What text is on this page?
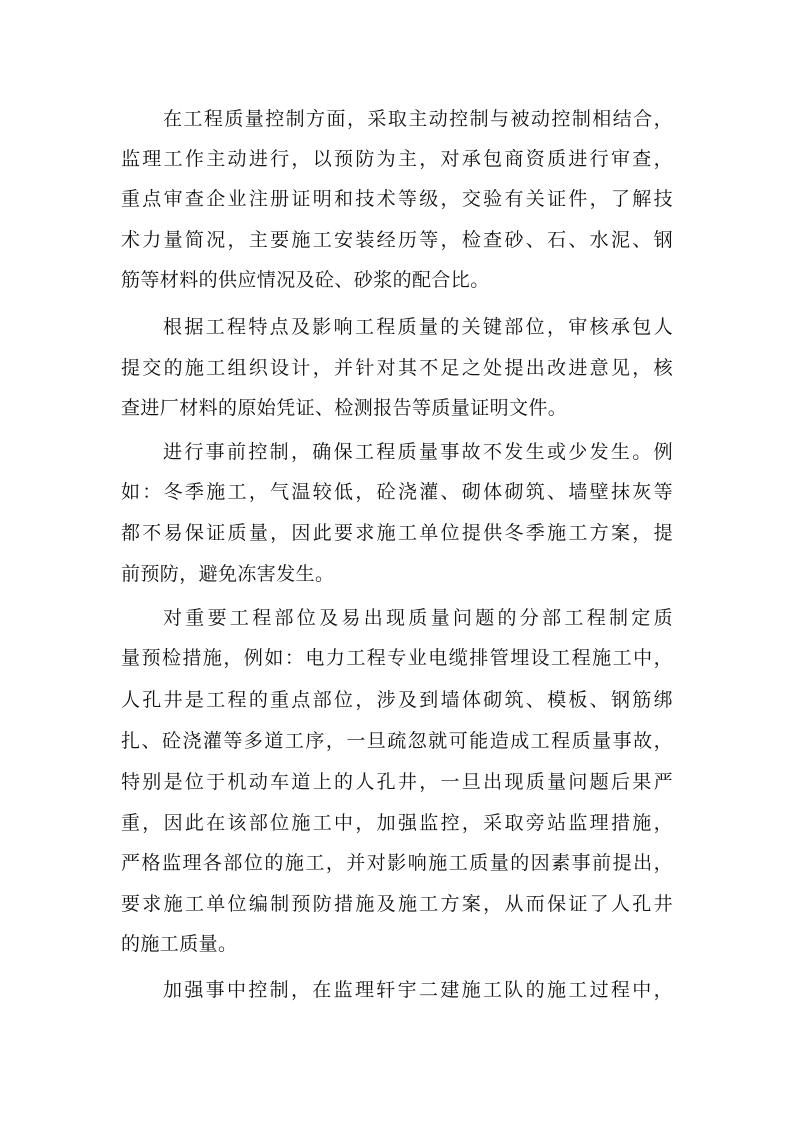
在工程质量控制方面，采取主动控制与被动控制相结合，
监理工作主动进行，以预防为主，对承包商资质进行审查，
重点审查企业注册证明和技术等级，交验有关证件，了解技
术力量简况，主要施工安装经历等，检查砂、石、水泥、钢
筋等材料的供应情况及砼、砂浆的配合比。
根据工程特点及影响工程质量的关键部位，审核承包人
提交的施工组织设计，并针对其不足之处提出改进意见，核
查进厂材料的原始凭证、检测报告等质量证明文件。
进行事前控制，确保工程质量事故不发生或少发生。例
如：冬季施工，气温较低，砼浇灌、砌体砌筑、墙壁抹灰等
都不易保证质量，因此要求施工单位提供冬季施工方案，提
前预防，避免冻害发生。
对重要工程部位及易出现质量问题的分部工程制定质
量预检措施，例如：电力工程专业电缆排管埋设工程施工中，
人孔井是工程的重点部位，涉及到墙体砌筑、模板、钢筋绑
扎、砼浇灌等多道工序，一旦疏忽就可能造成工程质量事故，
特别是位于机动车道上的人孔井，一旦出现质量问题后果严
重，因此在该部位施工中，加强监控，采取旁站监理措施，
严格监理各部位的施工，并对影响施工质量的因素事前提出，
要求施工单位编制预防措施及施工方案，从而保证了人孔井
的施工质量。
加强事中控制，在监理轩宇二建施工队的施工过程中，
